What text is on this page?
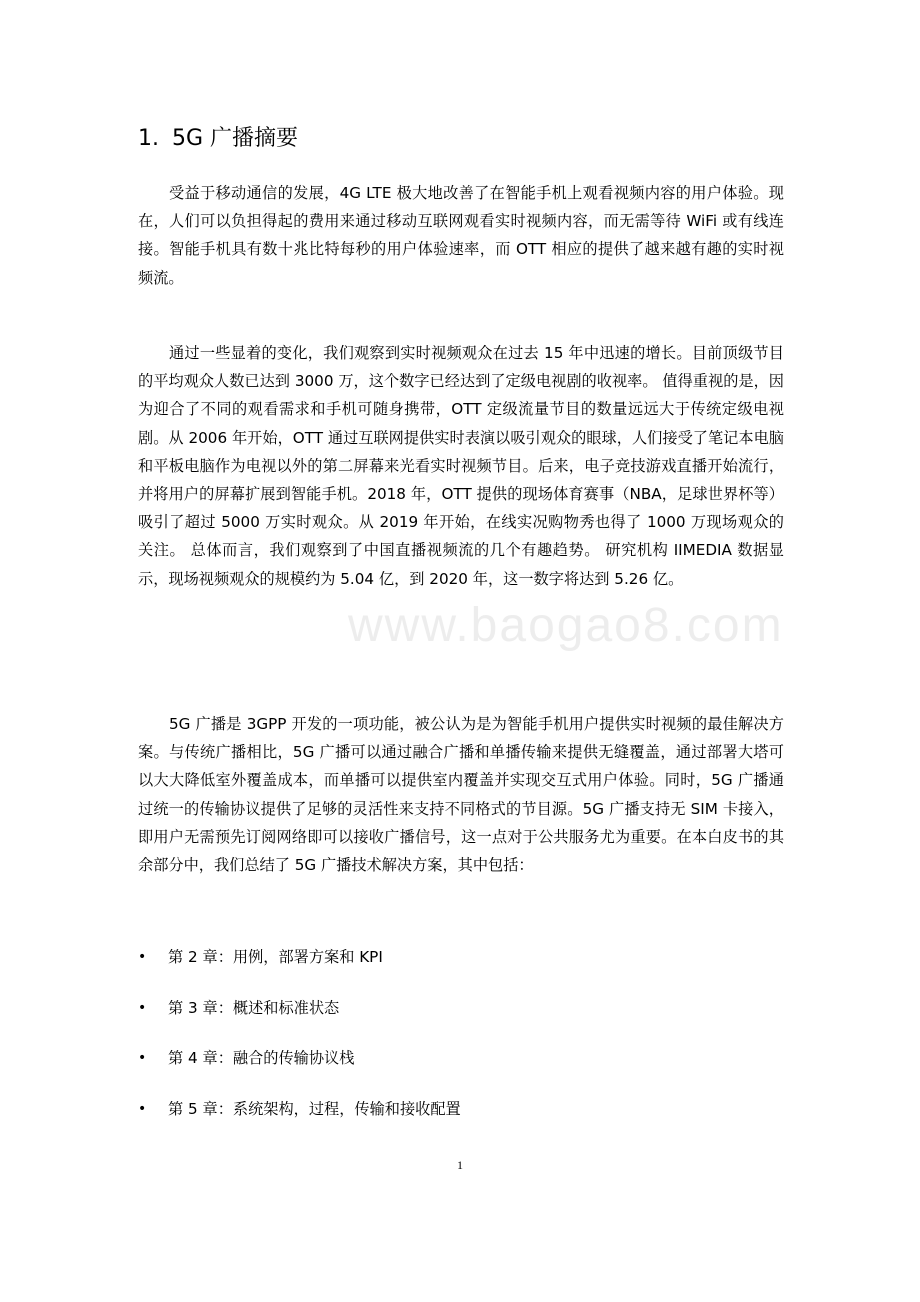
www.baogao8.com
1. 5G 广播摘要

受益于移动通信的发展，4G LTE 极大地改善了在智能手机上观看视频内容的用户体验。现在，人们可以负担得起的费用来通过移动互联网观看实时视频内容，而无需等待 WiFi 或有线连接。智能手机具有数十兆比特每秒的用户体验速率，而 OTT 相应的提供了越来越有趣的实时视频流。

通过一些显着的变化，我们观察到实时视频观众在过去 15 年中迅速的增长。目前顶级节目的平均观众人数已达到 3000 万，这个数字已经达到了定级电视剧的收视率。 值得重视的是，因为迎合了不同的观看需求和手机可随身携带，OTT 定级流量节目的数量远远大于传统定级电视剧。从 2006 年开始，OTT 通过互联网提供实时表演以吸引观众的眼球，人们接受了笔记本电脑和平板电脑作为电视以外的第二屏幕来光看实时视频节目。后来，电子竞技游戏直播开始流行，并将用户的屏幕扩展到智能手机。2018 年，OTT 提供的现场体育赛事（NBA，足球世界杯等）吸引了超过 5000 万实时观众。从 2019 年开始，在线实况购物秀也得了 1000 万现场观众的关注。 总体而言，我们观察到了中国直播视频流的几个有趣趋势。 研究机构 IIMEDIA 数据显示，现场视频观众的规模约为 5.04 亿，到 2020 年，这一数字将达到 5.26 亿。

5G 广播是 3GPP 开发的一项功能，被公认为是为智能手机用户提供实时视频的最佳解决方案。与传统广播相比，5G 广播可以通过融合广播和单播传输来提供无缝覆盖，通过部署大塔可以大大降低室外覆盖成本，而单播可以提供室内覆盖并实现交互式用户体验。同时，5G 广播通过统一的传输协议提供了足够的灵活性来支持不同格式的节目源。5G 广播支持无 SIM 卡接入，即用户无需预先订阅网络即可以接收广播信号，这一点对于公共服务尤为重要。在本白皮书的其余部分中，我们总结了 5G 广播技术解决方案，其中包括：

•	第 2 章：用例，部署方案和 KPI
•	第 3 章：概述和标准状态
•	第 4 章：融合的传输协议栈
•	第 5 章：系统架构，过程，传输和接收配置
1
